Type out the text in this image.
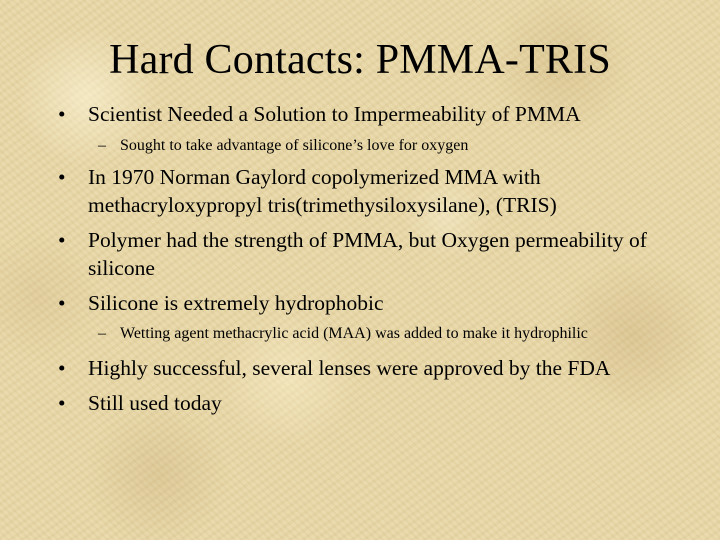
Hard Contacts: PMMA-TRIS
• Scientist Needed a Solution to Impermeability of PMMA
– Sought to take advantage of silicone’s love for oxygen
• In 1970 Norman Gaylord copolymerized MMA with methacryloxypropyl tris(trimethysiloxysilane), (TRIS)
• Polymer had the strength of PMMA, but Oxygen permeability of silicone
• Silicone is extremely hydrophobic
– Wetting agent methacrylic acid (MAA) was added to make it hydrophilic
• Highly successful, several lenses were approved by the FDA
• Still used today
